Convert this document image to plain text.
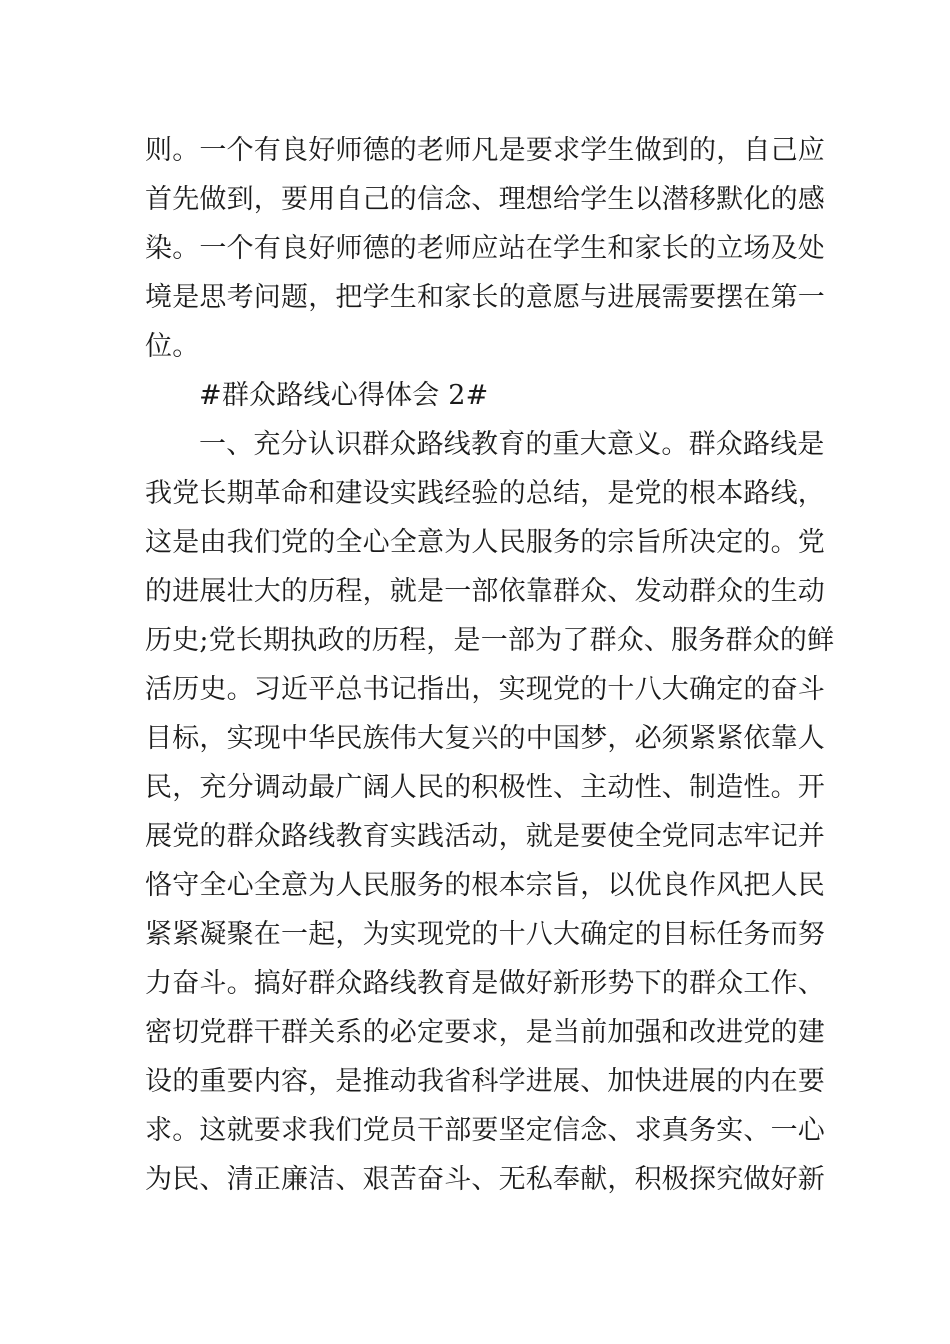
则。一个有良好师德的老师凡是要求学生做到的，自己应
首先做到，要用自己的信念、理想给学生以潜移默化的感
染。一个有良好师德的老师应站在学生和家长的立场及处
境是思考问题，把学生和家长的意愿与进展需要摆在第一
位。
#群众路线心得体会 2#
一、充分认识群众路线教育的重大意义。群众路线是
我党长期革命和建设实践经验的总结，是党的根本路线，
这是由我们党的全心全意为人民服务的宗旨所决定的。党
的进展壮大的历程，就是一部依靠群众、发动群众的生动
历史;党长期执政的历程，是一部为了群众、服务群众的鲜
活历史。习近平总书记指出，实现党的十八大确定的奋斗
目标，实现中华民族伟大复兴的中国梦，必须紧紧依靠人
民，充分调动最广阔人民的积极性、主动性、制造性。开
展党的群众路线教育实践活动，就是要使全党同志牢记并
恪守全心全意为人民服务的根本宗旨，以优良作风把人民
紧紧凝聚在一起，为实现党的十八大确定的目标任务而努
力奋斗。搞好群众路线教育是做好新形势下的群众工作、
密切党群干群关系的必定要求，是当前加强和改进党的建
设的重要内容，是推动我省科学进展、加快进展的内在要
求。这就要求我们党员干部要坚定信念、求真务实、一心
为民、清正廉洁、艰苦奋斗、无私奉献，积极探究做好新
